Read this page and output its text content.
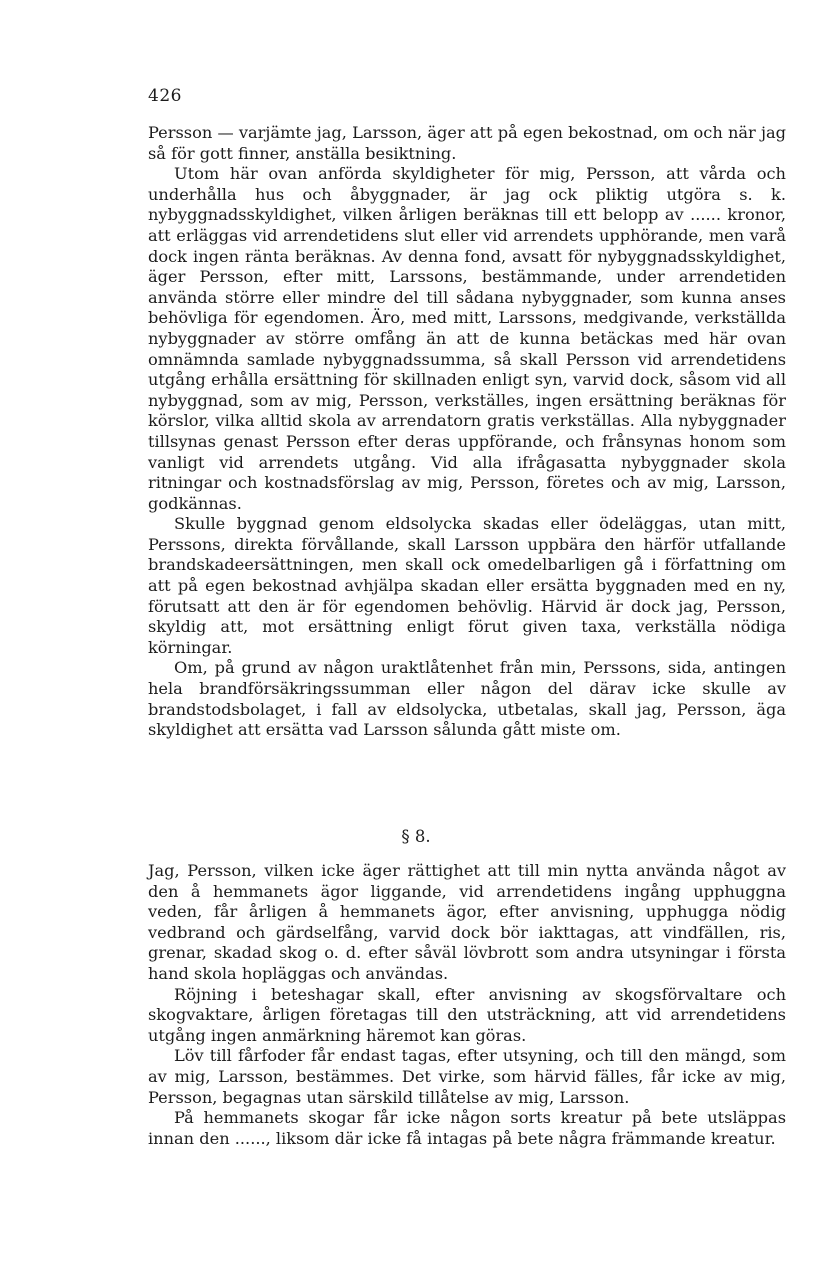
426

Persson — varjämte jag, Larsson, äger att på egen bekostnad, om och när jag så för gott finner, anställa besiktning.

Utom här ovan anförda skyldigheter för mig, Persson, att vårda och underhålla hus och åbyggnader, är jag ock pliktig utgöra s. k. nybyggnadsskyldighet, vilken årligen beräknas till ett belopp av ...... kronor, att erläggas vid arrendetidens slut eller vid arrendets upphörande, men varå dock ingen ränta beräknas. Av denna fond, avsatt för nybyggnadsskyldighet, äger Persson, efter mitt, Larssons, bestämmande, under arrendetiden använda större eller mindre del till sådana nybyggnader, som kunna anses behövliga för egendomen. Äro, med mitt, Larssons, medgivande, verkställda nybyggnader av större omfång än att de kunna betäckas med här ovan omnämnda samlade nybyggnadssumma, så skall Persson vid arrendetidens utgång erhålla ersättning för skillnaden enligt syn, varvid dock, såsom vid all nybyggnad, som av mig, Persson, verkställes, ingen ersättning beräknas för körslor, vilka alltid skola av arrendatorn gratis verkställas. Alla nybyggnader tillsynas genast Persson efter deras uppförande, och frånsynas honom som vanligt vid arrendets utgång. Vid alla ifrågasatta nybyggnader skola ritningar och kostnadsförslag av mig, Persson, företes och av mig, Larsson, godkännas.

Skulle byggnad genom eldsolycka skadas eller ödeläggas, utan mitt, Perssons, direkta förvållande, skall Larsson uppbära den härför utfallande brandskadeersättningen, men skall ock omedelbarligen gå i författning om att på egen bekostnad avhjälpa skadan eller ersätta byggnaden med en ny, förutsatt att den är för egendomen behövlig. Härvid är dock jag, Persson, skyldig att, mot ersättning enligt förut given taxa, verkställa nödiga körningar.

Om, på grund av någon uraktlåtenhet från min, Perssons, sida, antingen hela brandförsäkringssumman eller någon del därav icke skulle av brandstodsbolaget, i fall av eldsolycka, utbetalas, skall jag, Persson, äga skyldighet att ersätta vad Larsson sålunda gått miste om.

§ 8.

Jag, Persson, vilken icke äger rättighet att till min nytta använda något av den å hemmanets ägor liggande, vid arrendetidens ingång upphuggna veden, får årligen å hemmanets ägor, efter anvisning, upphugga nödig vedbrand och gärdselfång, varvid dock bör iakttagas, att vindfällen, ris, grenar, skadad skog o. d. efter såväl lövbrott som andra utsyningar i första hand skola hopläggas och användas.

Röjning i beteshagar skall, efter anvisning av skogsförvaltare och skogvaktare, årligen företagas till den utsträckning, att vid arrendetidens utgång ingen anmärkning häremot kan göras.

Löv till fårfoder får endast tagas, efter utsyning, och till den mängd, som av mig, Larsson, bestämmes. Det virke, som härvid fälles, får icke av mig, Persson, begagnas utan särskild tillåtelse av mig, Larsson.

På hemmanets skogar får icke någon sorts kreatur på bete utsläppas innan den ......, liksom där icke få intagas på bete några främmande kreatur.
